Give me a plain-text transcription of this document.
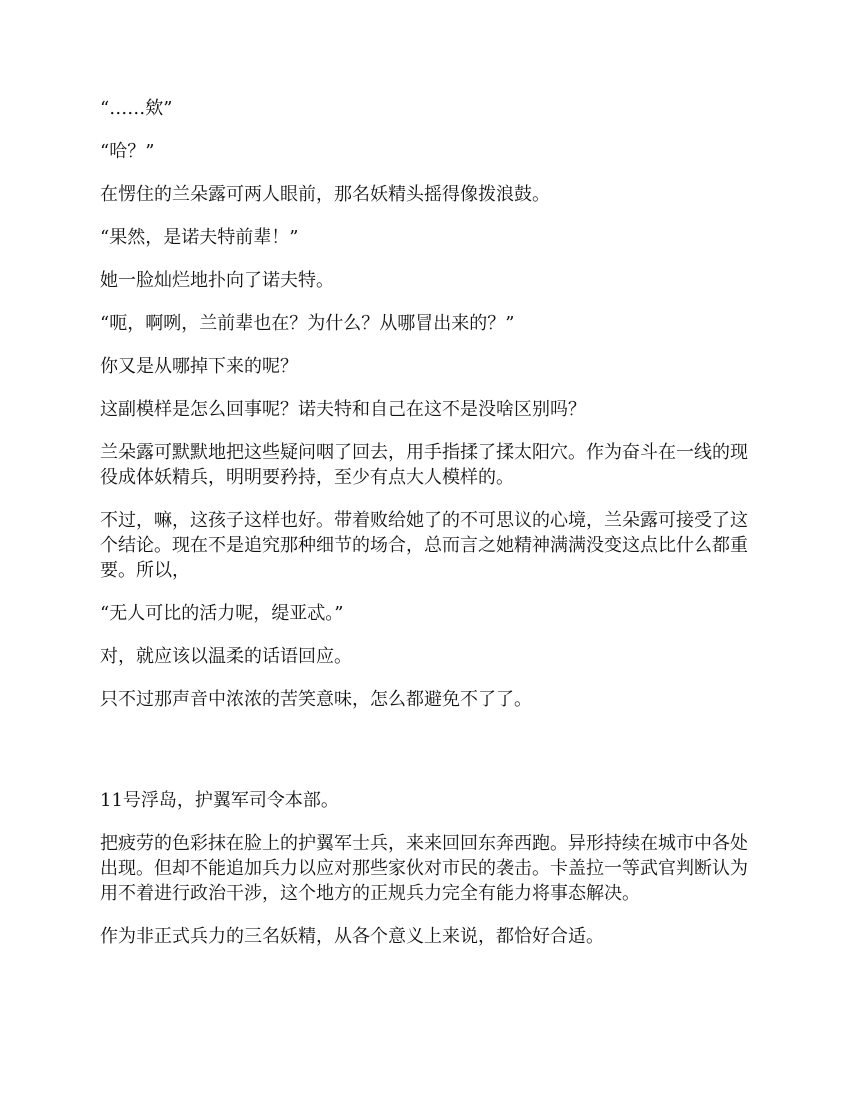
“……欸”

“哈？”

在愣住的兰朵露可两人眼前，那名妖精头摇得像拨浪鼓。

“果然，是诺夫特前辈！”

她一脸灿烂地扑向了诺夫特。

“呃，啊咧，兰前辈也在？为什么？从哪冒出来的？”

你又是从哪掉下来的呢？

这副模样是怎么回事呢？诺夫特和自己在这不是没啥区别吗？

兰朵露可默默地把这些疑问咽了回去，用手指揉了揉太阳穴。作为奋斗在一线的现役成体妖精兵，明明要矜持，至少有点大人模样的。

不过，嘛，这孩子这样也好。带着败给她了的不可思议的心境，兰朵露可接受了这个结论。现在不是追究那种细节的场合，总而言之她精神满满没变这点比什么都重要。所以，

“无人可比的活力呢，缇亚忒。”

对，就应该以温柔的话语回应。

只不过那声音中浓浓的苦笑意味，怎么都避免不了了。

11号浮岛，护翼军司令本部。

把疲劳的色彩抹在脸上的护翼军士兵，来来回回东奔西跑。异形持续在城市中各处出现。但却不能追加兵力以应对那些家伙对市民的袭击。卡盖拉一等武官判断认为用不着进行政治干涉，这个地方的正规兵力完全有能力将事态解决。

作为非正式兵力的三名妖精，从各个意义上来说，都恰好合适。
